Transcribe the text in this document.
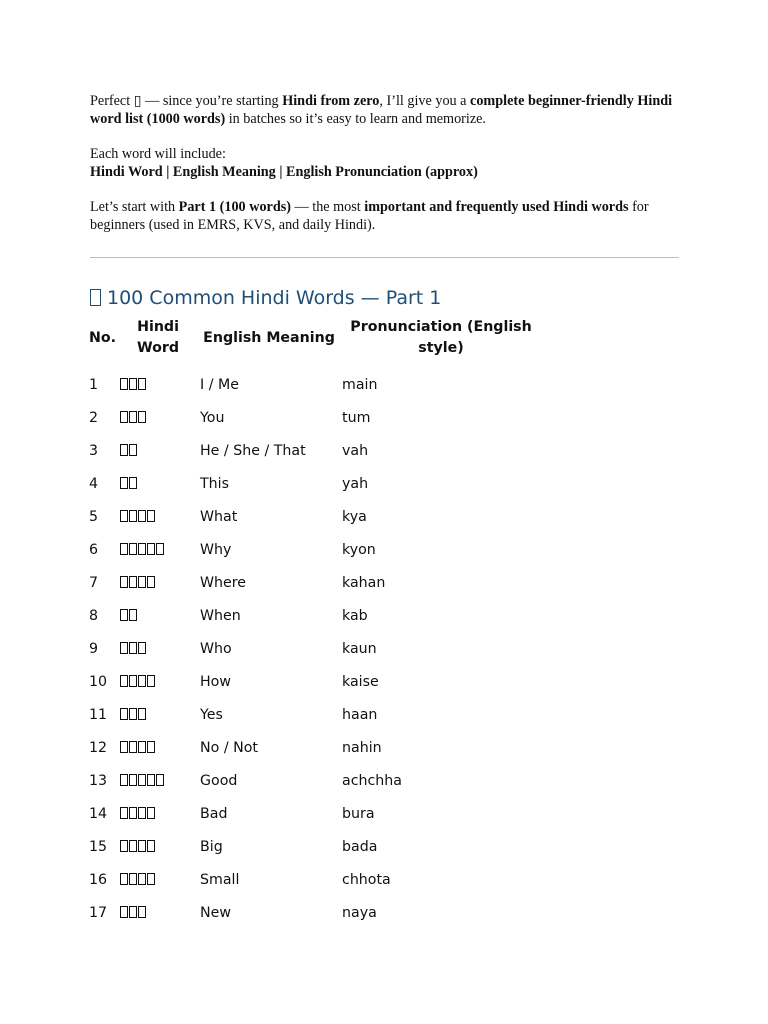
Perfect ▯ — since you’re starting Hindi from zero, I’ll give you a complete beginner-friendly Hindi word list (1000 words) in batches so it’s easy to learn and memorize.

Each word will include:
Hindi Word | English Meaning | English Pronunciation (approx)

Let’s start with Part 1 (100 words) — the most important and frequently used Hindi words for beginners (used in EMRS, KVS, and daily Hindi).

100 Common Hindi Words — Part 1
No.	Hindi Word	English Meaning	Pronunciation (English style)
1		I / Me	main
2		You	tum
3		He / She / That	vah
4		This	yah
5		What	kya
6		Why	kyon
7		Where	kahan
8		When	kab
9		Who	kaun
10		How	kaise
11		Yes	haan
12		No / Not	nahin
13		Good	achchha
14		Bad	bura
15		Big	bada
16		Small	chhota
17		New	naya
